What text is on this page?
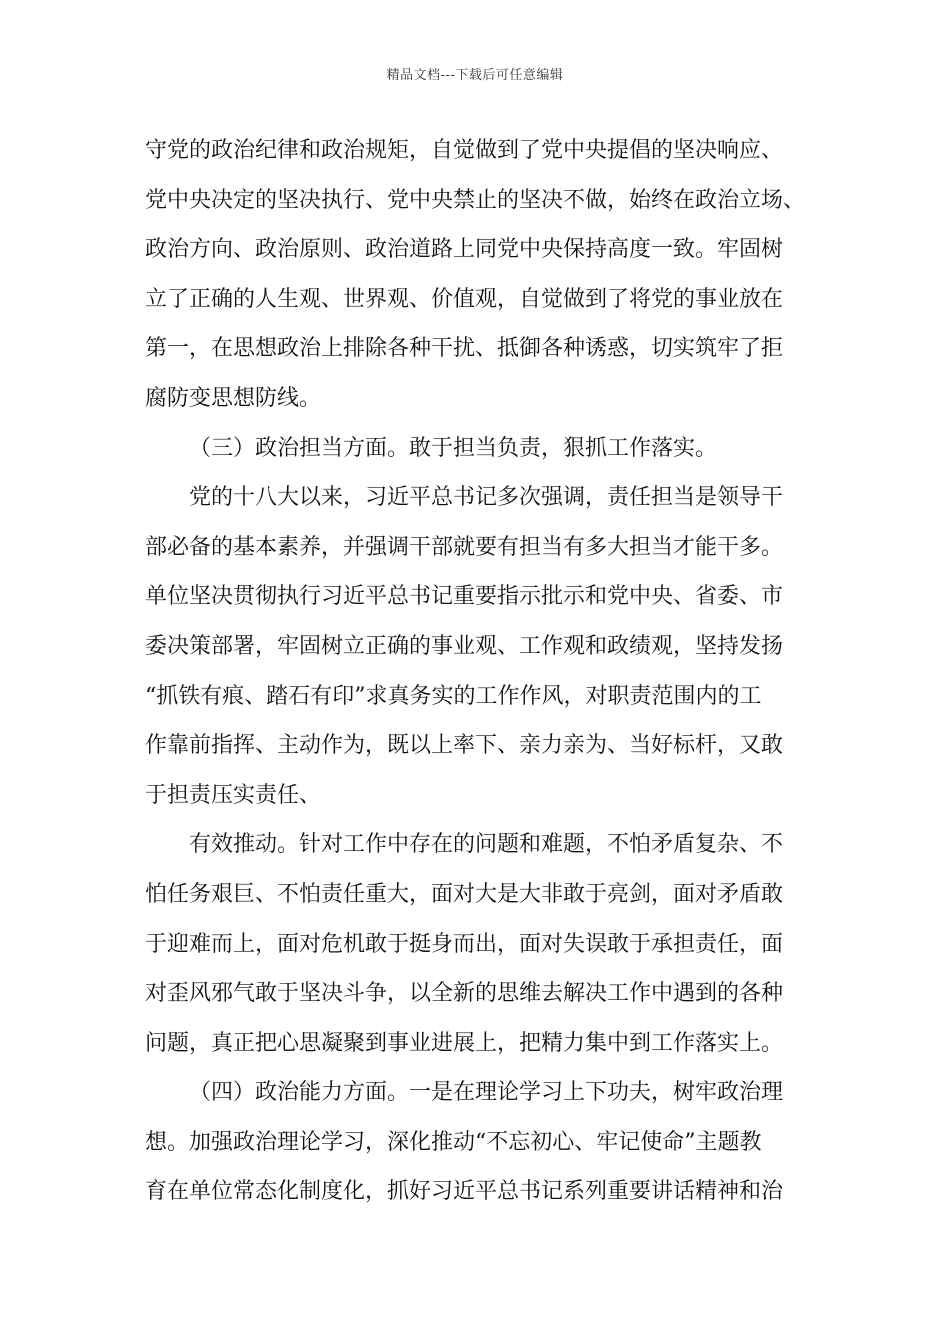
精品文档---下载后可任意编辑
守党的政治纪律和政治规矩，自觉做到了党中央提倡的坚决响应、
党中央决定的坚决执行、党中央禁止的坚决不做，始终在政治立场、
政治方向、政治原则、政治道路上同党中央保持高度一致。牢固树
立了正确的人生观、世界观、价值观，自觉做到了将党的事业放在
第一，在思想政治上排除各种干扰、抵御各种诱惑，切实筑牢了拒
腐防变思想防线。
（三）政治担当方面。敢于担当负责，狠抓工作落实。
党的十八大以来，习近平总书记多次强调，责任担当是领导干
部必备的基本素养，并强调干部就要有担当有多大担当才能干多。
单位坚决贯彻执行习近平总书记重要指示批示和党中央、省委、市
委决策部署，牢固树立正确的事业观、工作观和政绩观，坚持发扬
“抓铁有痕、踏石有印”求真务实的工作作风，对职责范围内的工
作靠前指挥、主动作为，既以上率下、亲力亲为、当好标杆，又敢
于担责压实责任、
有效推动。针对工作中存在的问题和难题，不怕矛盾复杂、不
怕任务艰巨、不怕责任重大，面对大是大非敢于亮剑，面对矛盾敢
于迎难而上，面对危机敢于挺身而出，面对失误敢于承担责任，面
对歪风邪气敢于坚决斗争，以全新的思维去解决工作中遇到的各种
问题，真正把心思凝聚到事业进展上，把精力集中到工作落实上。
（四）政治能力方面。一是在理论学习上下功夫，树牢政治理
想。加强政治理论学习，深化推动“不忘初心、牢记使命”主题教
育在单位常态化制度化，抓好习近平总书记系列重要讲话精神和治
